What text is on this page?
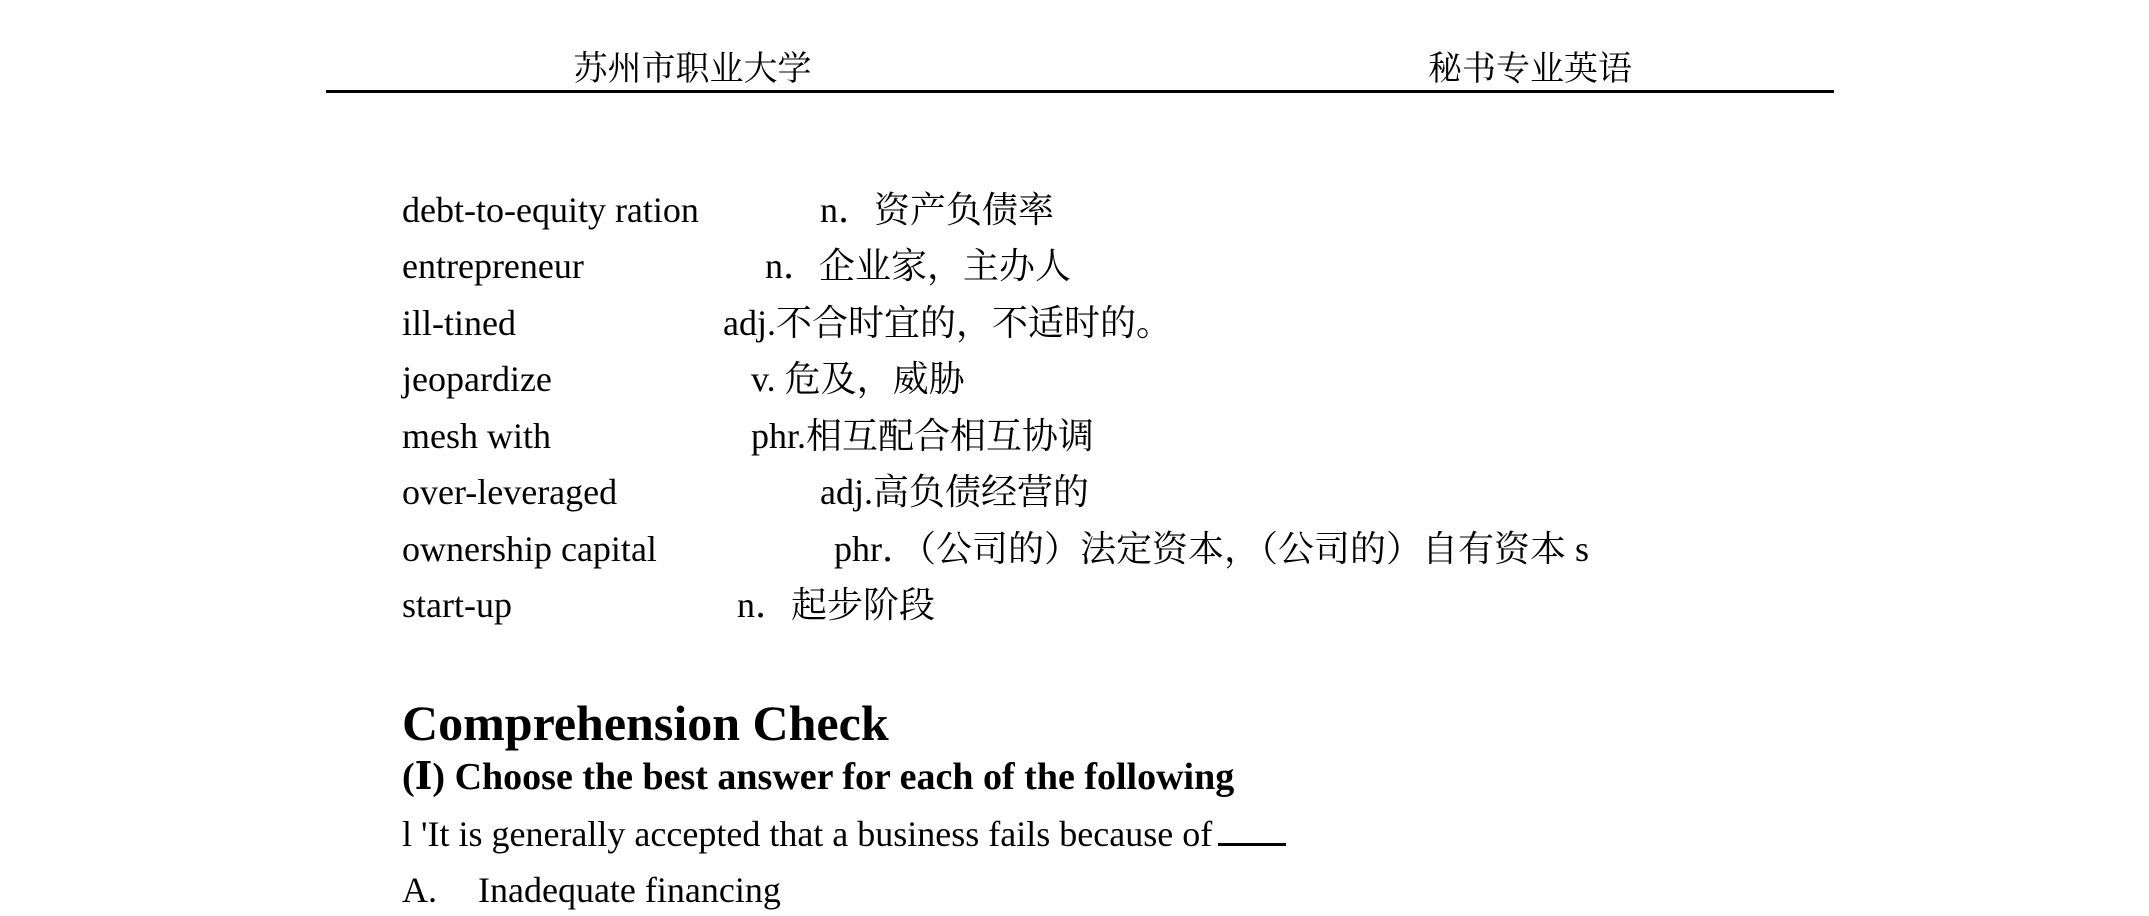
苏州市职业大学	秘书专业英语
debt-to-equity ration	n．资产负债率
entrepreneur	n．企业家，主办人
ill-tined	adj.不合时宜的，不适时的。
jeopardize	v. 危及，威胁
mesh with	phr.相互配合相互协调
over-leveraged	adj.高负债经营的
ownership capital	phr．（公司的）法定资本，（公司的）自有资本 s
start-up	n．起步阶段
Comprehension Check
(Ⅰ) Choose the best answer for each of the following
l 'It is generally accepted that a business fails because of
A. Inadequate financing
